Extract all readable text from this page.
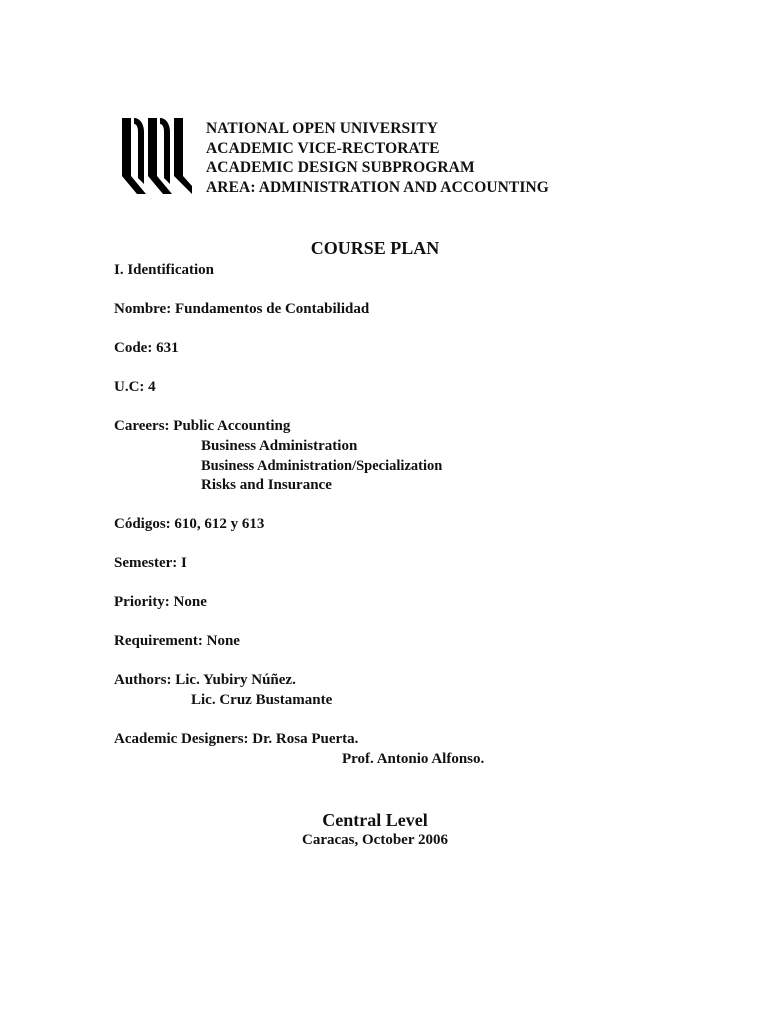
NATIONAL OPEN UNIVERSITY
ACADEMIC VICE-RECTORATE
ACADEMIC DESIGN SUBPROGRAM
AREA: ADMINISTRATION AND ACCOUNTING
COURSE PLAN
I. Identification
Nombre: Fundamentos de Contabilidad
Code: 631
U.C: 4
Careers: Public Accounting
Business Administration
Business Administration/Specialization
Risks and Insurance
Códigos: 610, 612 y 613
Semester: I
Priority: None
Requirement: None
Authors: Lic. Yubiry Núñez.
Lic. Cruz Bustamante
Academic Designers: Dr. Rosa Puerta.
Prof. Antonio Alfonso.
Central Level
Caracas, October 2006
